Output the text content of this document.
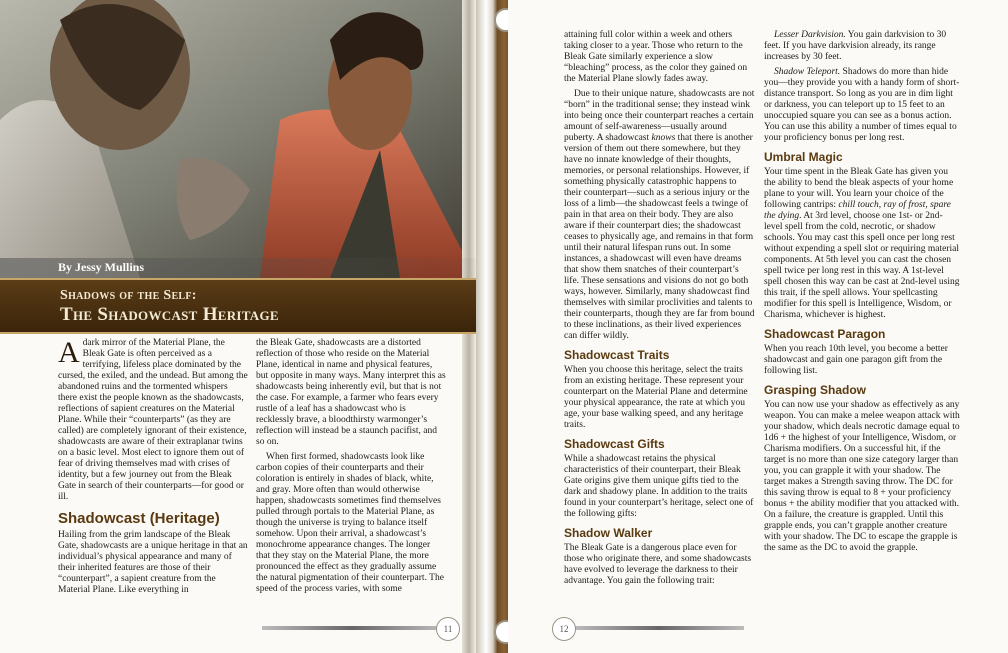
By Jessy Mullins
Shadows of the Self:
The Shadowcast Heritage

Adark mirror of the Material Plane, the Bleak Gate is often perceived as a terrifying, lifeless place dominated by the cursed, the exiled, and the undead. But among the abandoned ruins and the tormented whispers there exist the people known as the shadowcasts, reflections of sapient creatures on the Material Plane. While their “counterparts” (as they are called) are completely ignorant of their existence, shadowcasts are aware of their extraplanar twins on a basic level. Most elect to ignore them out of fear of driving themselves mad with crises of identity, but a few journey out from the Bleak Gate in search of their counterparts—for good or ill.

Shadowcast (Heritage)

Hailing from the grim landscape of the Bleak Gate, shadowcasts are a unique heritage in that an individual’s physical appearance and many of their inherited features are those of their “counterpart”, a sapient creature from the Material Plane. Like everything in

the Bleak Gate, shadowcasts are a distorted reflection of those who reside on the Material Plane, identical in name and physical features, but opposite in many ways. Many interpret this as shadowcasts being inherently evil, but that is not the case. For example, a farmer who fears every rustle of a leaf has a shadowcast who is recklessly brave, a bloodthirsty warmonger’s reflection will instead be a staunch pacifist, and so on.

When first formed, shadowcasts look like carbon copies of their counterparts and their coloration is entirely in shades of black, white, and gray. More often than would otherwise happen, shadowcasts sometimes find themselves pulled through portals to the Material Plane, as though the universe is trying to balance itself somehow. Upon their arrival, a shadowcast’s monochrome appearance changes. The longer that they stay on the Material Plane, the more pronounced the effect as they gradually assume the natural pigmentation of their counterpart. The speed of the process varies, with some

11

attaining full color within a week and others taking closer to a year. Those who return to the Bleak Gate similarly experience a slow “bleaching” process, as the color they gained on the Material Plane slowly fades away.

Due to their unique nature, shadowcasts are not “born” in the traditional sense; they instead wink into being once their counterpart reaches a certain amount of self-awareness—usually around puberty. A shadowcast knows that there is another version of them out there somewhere, but they have no innate knowledge of their thoughts, memories, or personal relationships. However, if something physically catastrophic happens to their counterpart—such as a serious injury or the loss of a limb—the shadowcast feels a twinge of pain in that area on their body. They are also aware if their counterpart dies; the shadowcast ceases to physically age, and remains in that form until their natural lifespan runs out. In some instances, a shadowcast will even have dreams that show them snatches of their counterpart’s life. These sensations and visions do not go both ways, however. Similarly, many shadowcast find themselves with similar proclivities and talents to their counterparts, though they are far from bound to these inclinations, as their lived experiences can differ wildly.

Shadowcast Traits

When you choose this heritage, select the traits from an existing heritage. These represent your counterpart on the Material Plane and determine your physical appearance, the rate at which you age, your base walking speed, and any heritage traits.

Shadowcast Gifts

While a shadowcast retains the physical characteristics of their counterpart, their Bleak Gate origins give them unique gifts tied to the dark and shadowy plane. In addition to the traits found in your counterpart’s heritage, select one of the following gifts:

Shadow Walker

The Bleak Gate is a dangerous place even for those who originate there, and some shadowcasts have evolved to leverage the darkness to their advantage. You gain the following trait:

Lesser Darkvision. You gain darkvision to 30 feet. If you have darkvision already, its range increases by 30 feet.

Shadow Teleport. Shadows do more than hide you—they provide you with a handy form of short-distance transport. So long as you are in dim light or darkness, you can teleport up to 15 feet to an unoccupied square you can see as a bonus action. You can use this ability a number of times equal to your proficiency bonus per long rest.

Umbral Magic

Your time spent in the Bleak Gate has given you the ability to bend the bleak aspects of your home plane to your will. You learn your choice of the following cantrips: chill touch, ray of frost, spare the dying. At 3rd level, choose one 1st- or 2nd-level spell from the cold, necrotic, or shadow schools. You may cast this spell once per long rest without expending a spell slot or requiring material components. At 5th level you can cast the chosen spell twice per long rest in this way. A 1st-level spell chosen this way can be cast at 2nd-level using this trait, if the spell allows. Your spellcasting modifier for this spell is Intelligence, Wisdom, or Charisma, whichever is highest.

Shadowcast Paragon

When you reach 10th level, you become a better shadowcast and gain one paragon gift from the following list.

Grasping Shadow

You can now use your shadow as effectively as any weapon. You can make a melee weapon attack with your shadow, which deals necrotic damage equal to 1d6 + the highest of your Intelligence, Wisdom, or Charisma modifiers. On a successful hit, if the target is no more than one size category larger than you, you can grapple it with your shadow. The target makes a Strength saving throw. The DC for this saving throw is equal to 8 + your proficiency bonus + the ability modifier that you attacked with. On a failure, the creature is grappled. Until this grapple ends, you can’t grapple another creature with your shadow. The DC to escape the grapple is the same as the DC to avoid the grapple.

12
